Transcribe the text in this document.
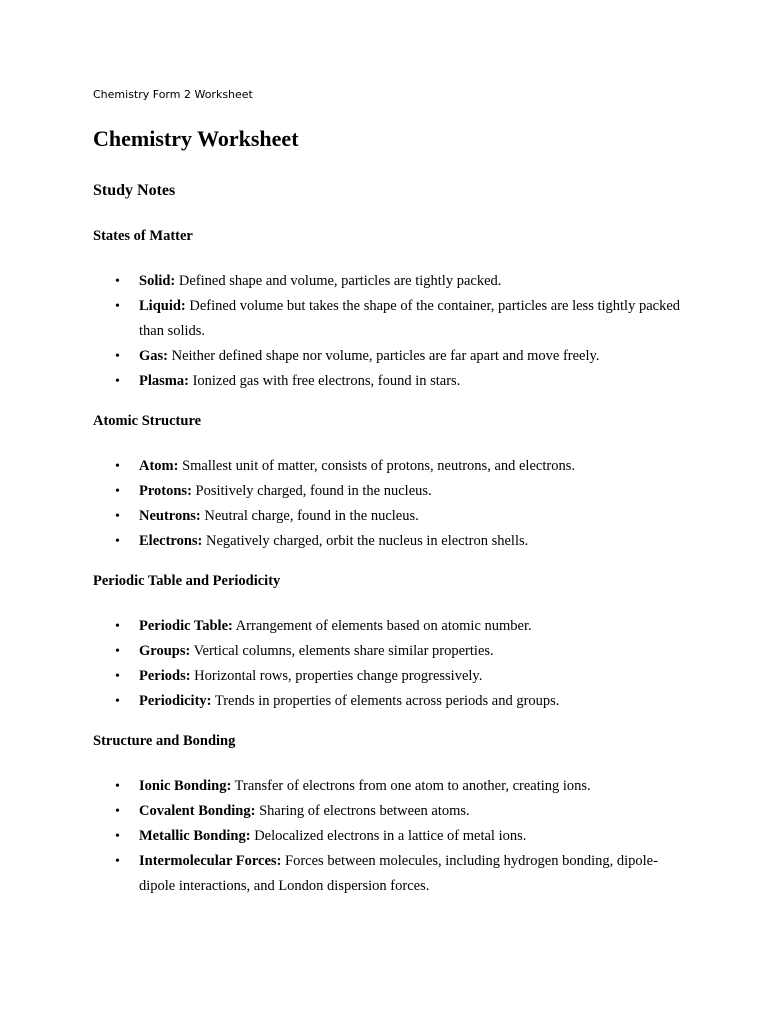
Chemistry Form 2 Worksheet
Chemistry Worksheet
Study Notes
States of Matter
• Solid: Defined shape and volume, particles are tightly packed.
• Liquid: Defined volume but takes the shape of the container, particles are less tightly packed than solids.
• Gas: Neither defined shape nor volume, particles are far apart and move freely.
• Plasma: Ionized gas with free electrons, found in stars.
Atomic Structure
• Atom: Smallest unit of matter, consists of protons, neutrons, and electrons.
• Protons: Positively charged, found in the nucleus.
• Neutrons: Neutral charge, found in the nucleus.
• Electrons: Negatively charged, orbit the nucleus in electron shells.
Periodic Table and Periodicity
• Periodic Table: Arrangement of elements based on atomic number.
• Groups: Vertical columns, elements share similar properties.
• Periods: Horizontal rows, properties change progressively.
• Periodicity: Trends in properties of elements across periods and groups.
Structure and Bonding
• Ionic Bonding: Transfer of electrons from one atom to another, creating ions.
• Covalent Bonding: Sharing of electrons between atoms.
• Metallic Bonding: Delocalized electrons in a lattice of metal ions.
• Intermolecular Forces: Forces between molecules, including hydrogen bonding, dipole-dipole interactions, and London dispersion forces.
